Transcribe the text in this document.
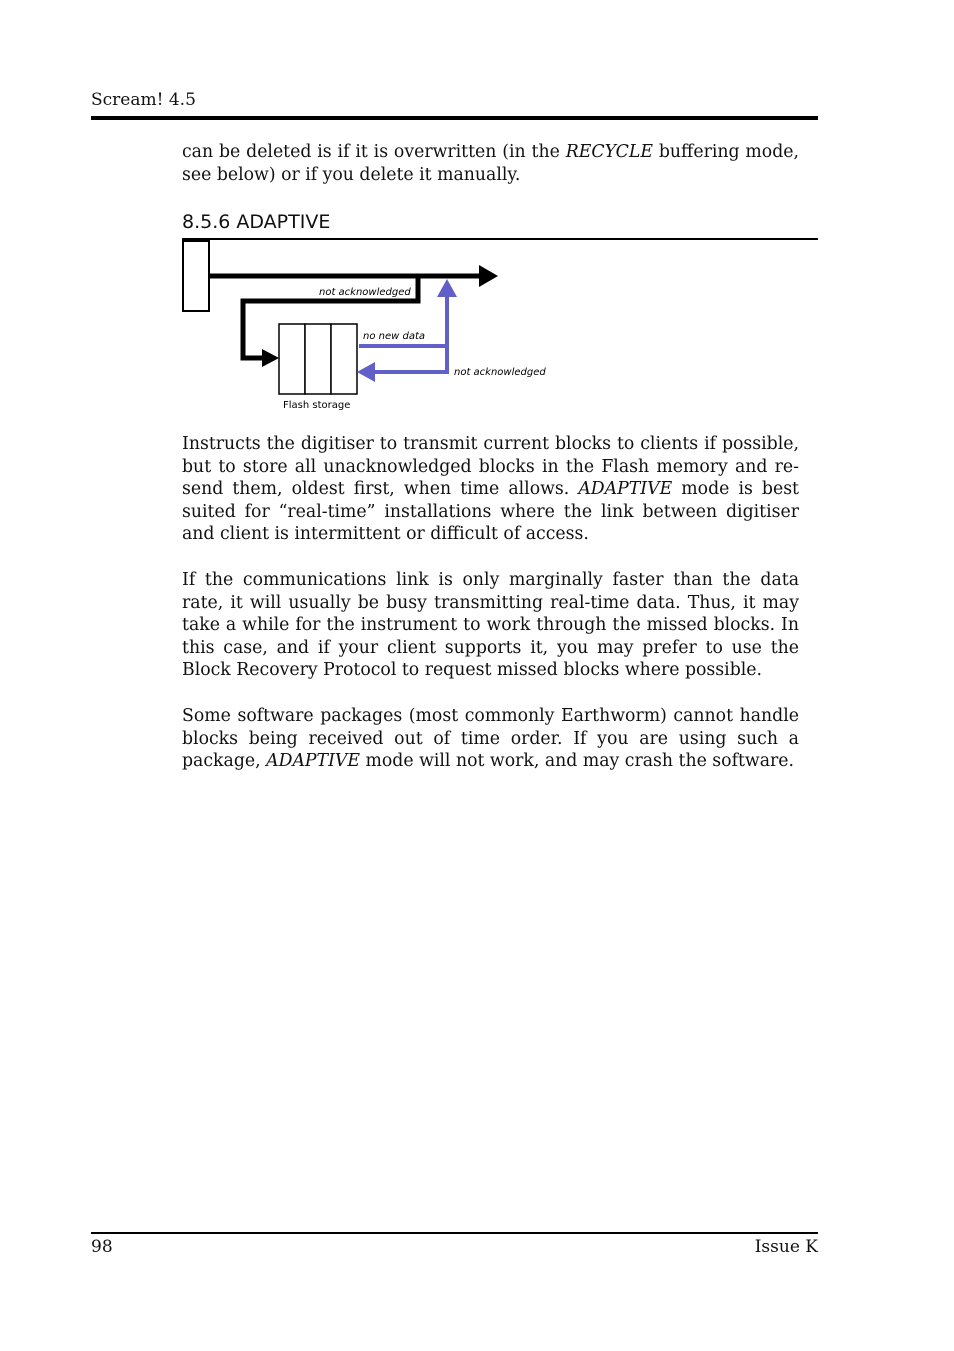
Scream! 4.5

can be deleted is if it is overwritten (in the RECYCLE buffering mode, see below) or if you delete it manually.

8.5.6 ADAPTIVE
not acknowledged
no new data
not acknowledged
Flash storage

Instructs the digitiser to transmit current blocks to clients if possible, but to store all unacknowledged blocks in the Flash memory and re-send them, oldest first, when time allows. ADAPTIVE mode is best suited for “real-time” installations where the link between digitiser and client is intermittent or difficult of access.

If the communications link is only marginally faster than the data rate, it will usually be busy transmitting real-time data. Thus, it may take a while for the instrument to work through the missed blocks. In this case, and if your client supports it, you may prefer to use the Block Recovery Protocol to request missed blocks where possible.

Some software packages (most commonly Earthworm) cannot handle blocks being received out of time order. If you are using such a package, ADAPTIVE mode will not work, and may crash the software.

98	Issue K
